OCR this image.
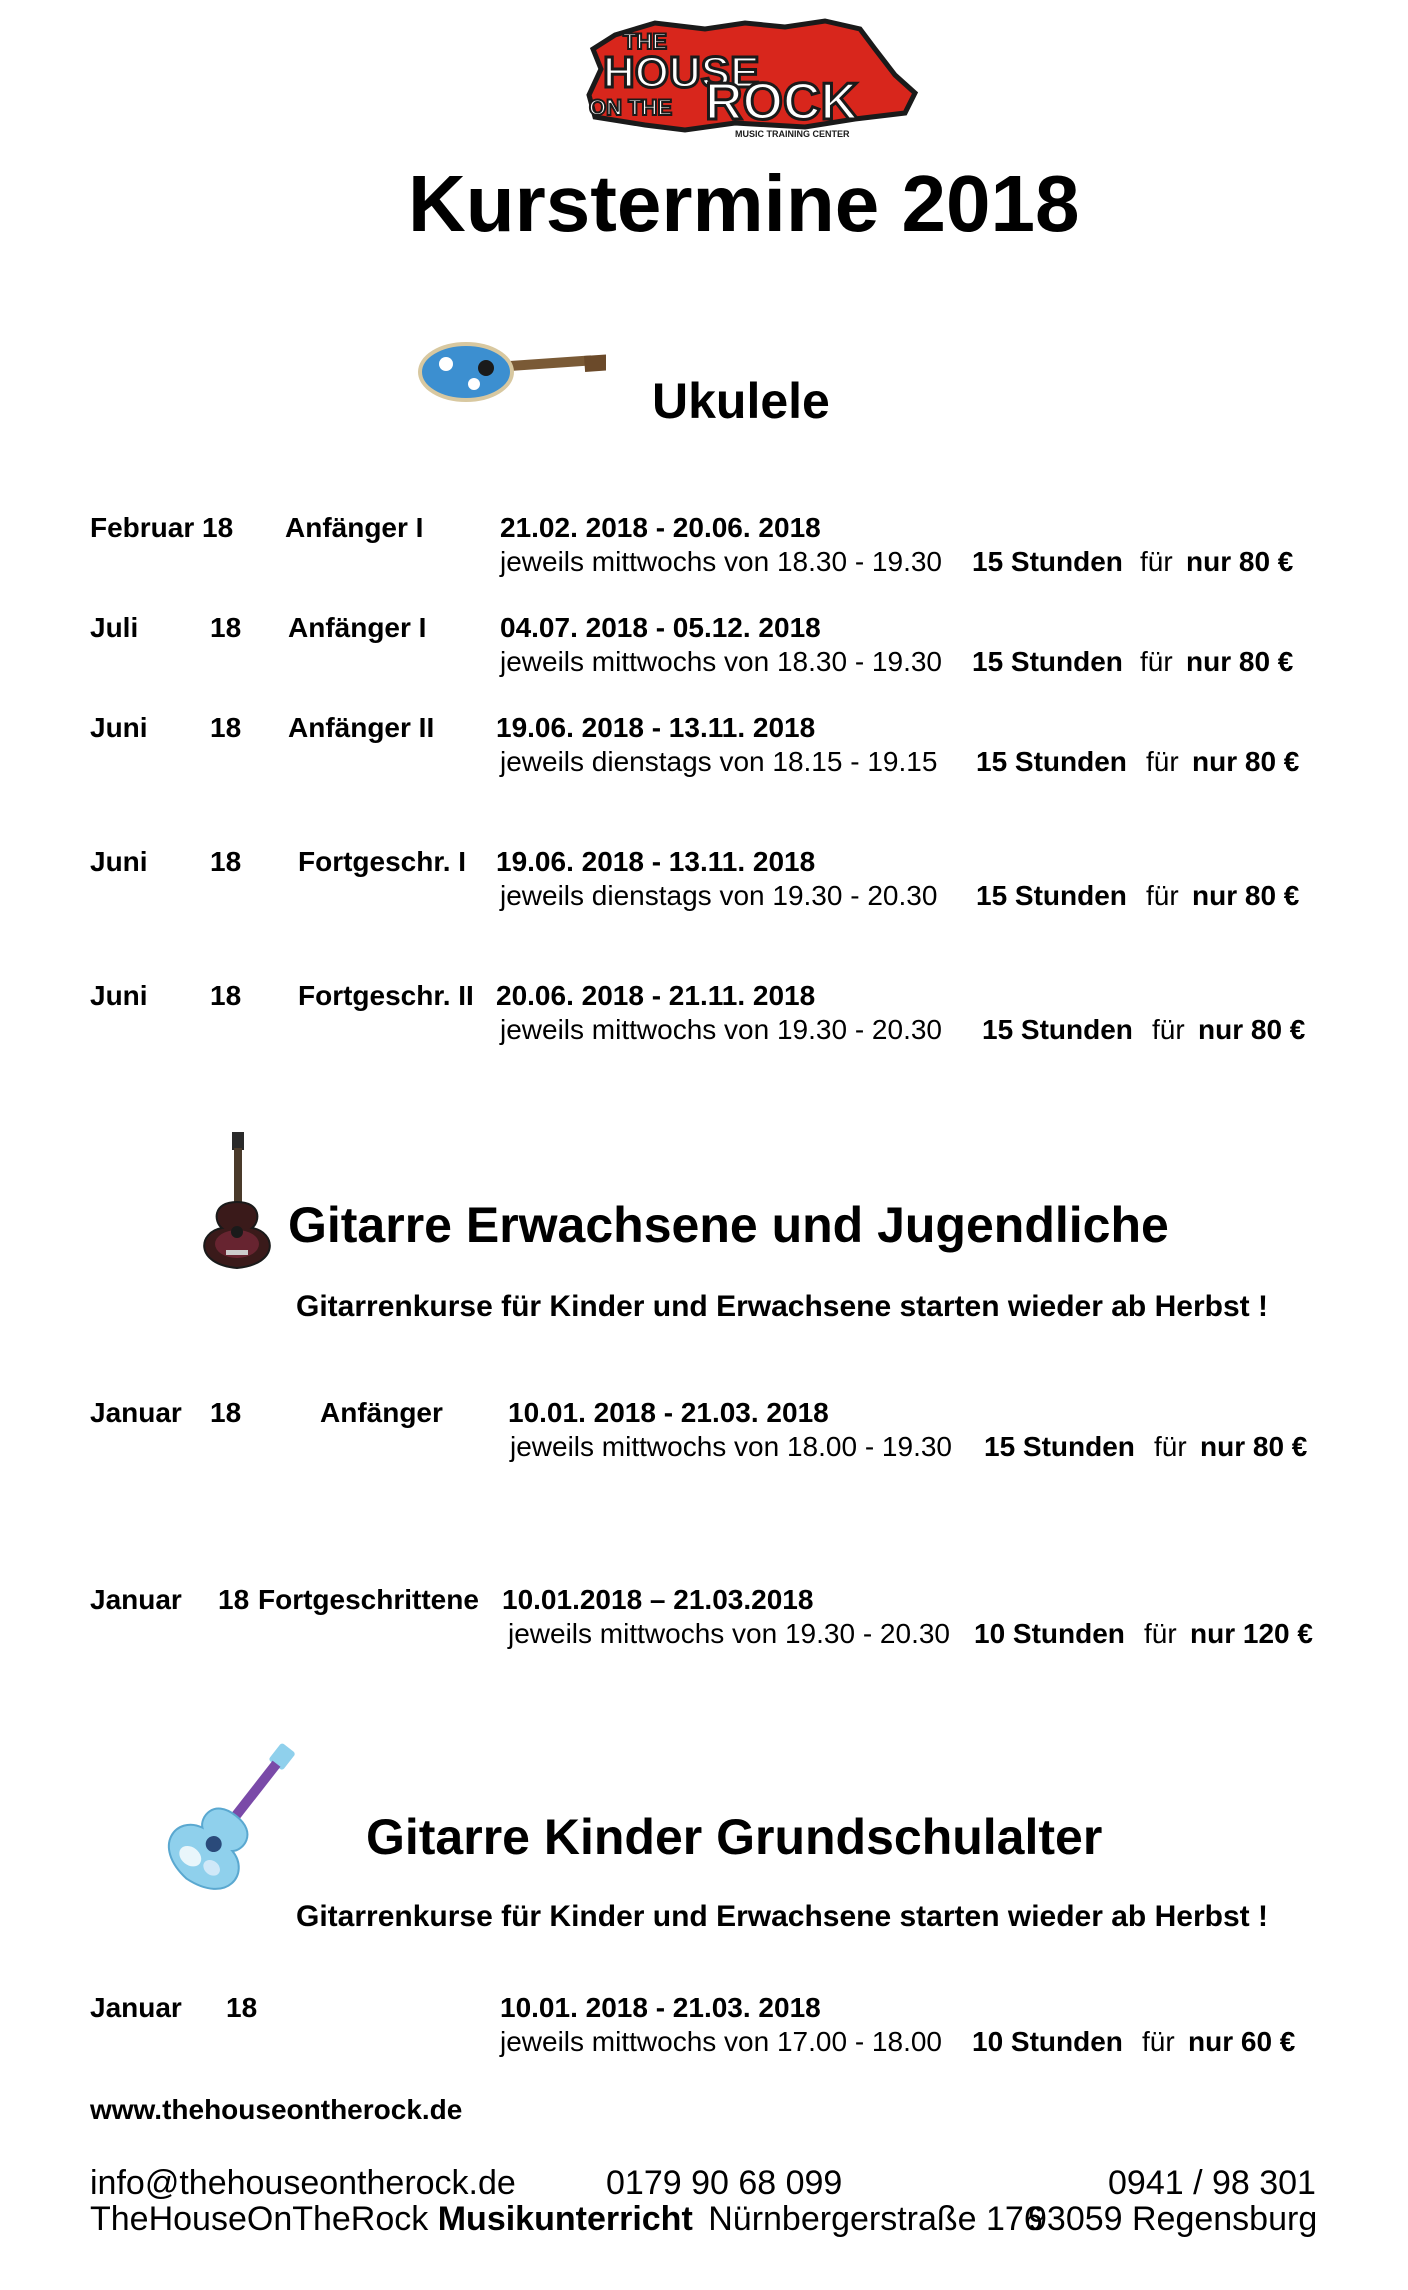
THE
HOUSE
ON THE ROCK
MUSIC TRAINING CENTER
Kurstermine 2018
Ukulele
Februar 18 Anfänger I	21.02. 2018 - 20.06. 2018
jeweils mittwochs von 18.30 - 19.30 15 Stunden für nur 80 €
Juli	18 Anfänger I	04.07. 2018 - 05.12. 2018
jeweils mittwochs von 18.30 - 19.30 15 Stunden für nur 80 €
Juni 18 Anfänger II 19.06. 2018 - 13.11. 2018
jeweils dienstags von 18.15 - 19.15 15 Stunden für nur 80 €
Juni 18 Fortgeschr. I 19.06. 2018 - 13.11. 2018
jeweils dienstags von 19.30 - 20.30 15 Stunden für nur 80 €
Juni 18 Fortgeschr. II 20.06. 2018 - 21.11. 2018
jeweils mittwochs von 19.30 - 20.30 15 Stunden für nur 80 €
Gitarre Erwachsene und Jugendliche
Gitarrenkurse für Kinder und Erwachsene starten wieder ab Herbst !
Januar 18	Anfänger 10.01. 2018 - 21.03. 2018
jeweils mittwochs von 18.00 - 19.30 15 Stunden für nur 80 €
Januar 18 Fortgeschrittene 10.01.2018 – 21.03.2018
jeweils mittwochs von 19.30 - 20.30 10 Stunden für nur 120 €
Gitarre Kinder Grundschulalter
Gitarrenkurse für Kinder und Erwachsene starten wieder ab Herbst !
Januar 18	10.01. 2018 - 21.03. 2018
jeweils mittwochs von 17.00 - 18.00 10 Stunden für nur 60 €
www.thehouseontherock.de
info@thehouseontherock.de	0179 90 68 099	0941 / 98 301
TheHouseOnTheRock Musikunterricht Nürnbergerstraße 176
93059 Regensburg
